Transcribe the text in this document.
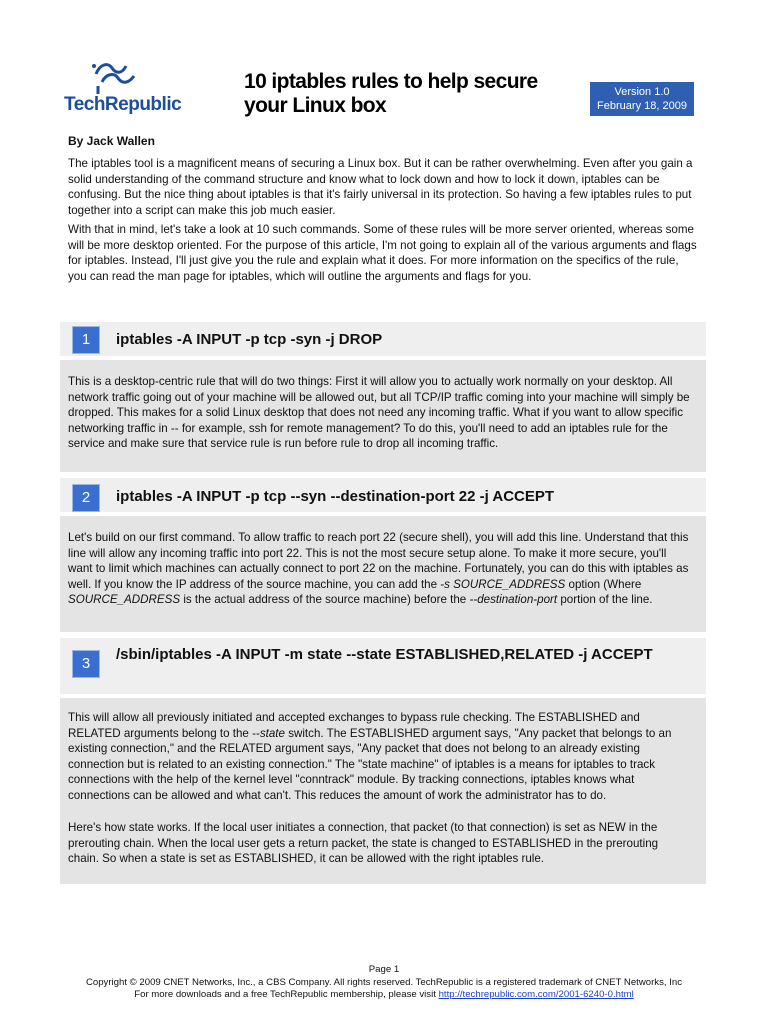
TechRepublic
10 iptables rules to help secure your Linux box
Version 1.0
February 18, 2009
By Jack Wallen

The iptables tool is a magnificent means of securing a Linux box. But it can be rather overwhelming. Even after you gain a solid understanding of the command structure and know what to lock down and how to lock it down, iptables can be confusing. But the nice thing about iptables is that it's fairly universal in its protection. So having a few iptables rules to put together into a script can make this job much easier.

With that in mind, let's take a look at 10 such commands. Some of these rules will be more server oriented, whereas some will be more desktop oriented. For the purpose of this article, I'm not going to explain all of the various arguments and flags for iptables. Instead, I'll just give you the rule and explain what it does. For more information on the specifics of the rule, you can read the man page for iptables, which will outline the arguments and flags for you.

1	iptables -A INPUT -p tcp -syn -j DROP

This is a desktop-centric rule that will do two things: First it will allow you to actually work normally on your desktop. All network traffic going out of your machine will be allowed out, but all TCP/IP traffic coming into your machine will simply be dropped. This makes for a solid Linux desktop that does not need any incoming traffic. What if you want to allow specific networking traffic in -- for example, ssh for remote management? To do this, you'll need to add an iptables rule for the service and make sure that service rule is run before rule to drop all incoming traffic.

2	iptables -A INPUT -p tcp --syn --destination-port 22 -j ACCEPT

Let's build on our first command. To allow traffic to reach port 22 (secure shell), you will add this line. Understand that this line will allow any incoming traffic into port 22. This is not the most secure setup alone. To make it more secure, you'll want to limit which machines can actually connect to port 22 on the machine. Fortunately, you can do this with iptables as well. If you know the IP address of the source machine, you can add the -s SOURCE_ADDRESS option (Where SOURCE_ADDRESS is the actual address of the source machine) before the --destination-port portion of the line.

3
/sbin/iptables -A INPUT -m state --state ESTABLISHED,RELATED -j ACCEPT

This will allow all previously initiated and accepted exchanges to bypass rule checking. The ESTABLISHED and RELATED arguments belong to the --state switch. The ESTABLISHED argument says, "Any packet that belongs to an existing connection," and the RELATED argument says, "Any packet that does not belong to an already existing connection but is related to an existing connection." The "state machine" of iptables is a means for iptables to track connections with the help of the kernel level "conntrack" module. By tracking connections, iptables knows what connections can be allowed and what can't. This reduces the amount of work the administrator has to do.

Here's how state works. If the local user initiates a connection, that packet (to that connection) is set as NEW in the prerouting chain. When the local user gets a return packet, the state is changed to ESTABLISHED in the prerouting chain. So when a state is set as ESTABLISHED, it can be allowed with the right iptables rule.

Page 1
Copyright © 2009 CNET Networks, Inc., a CBS Company. All rights reserved. TechRepublic is a registered trademark of CNET Networks, Inc
For more downloads and a free TechRepublic membership, please visit http://techrepublic.com.com/2001-6240-0.html
